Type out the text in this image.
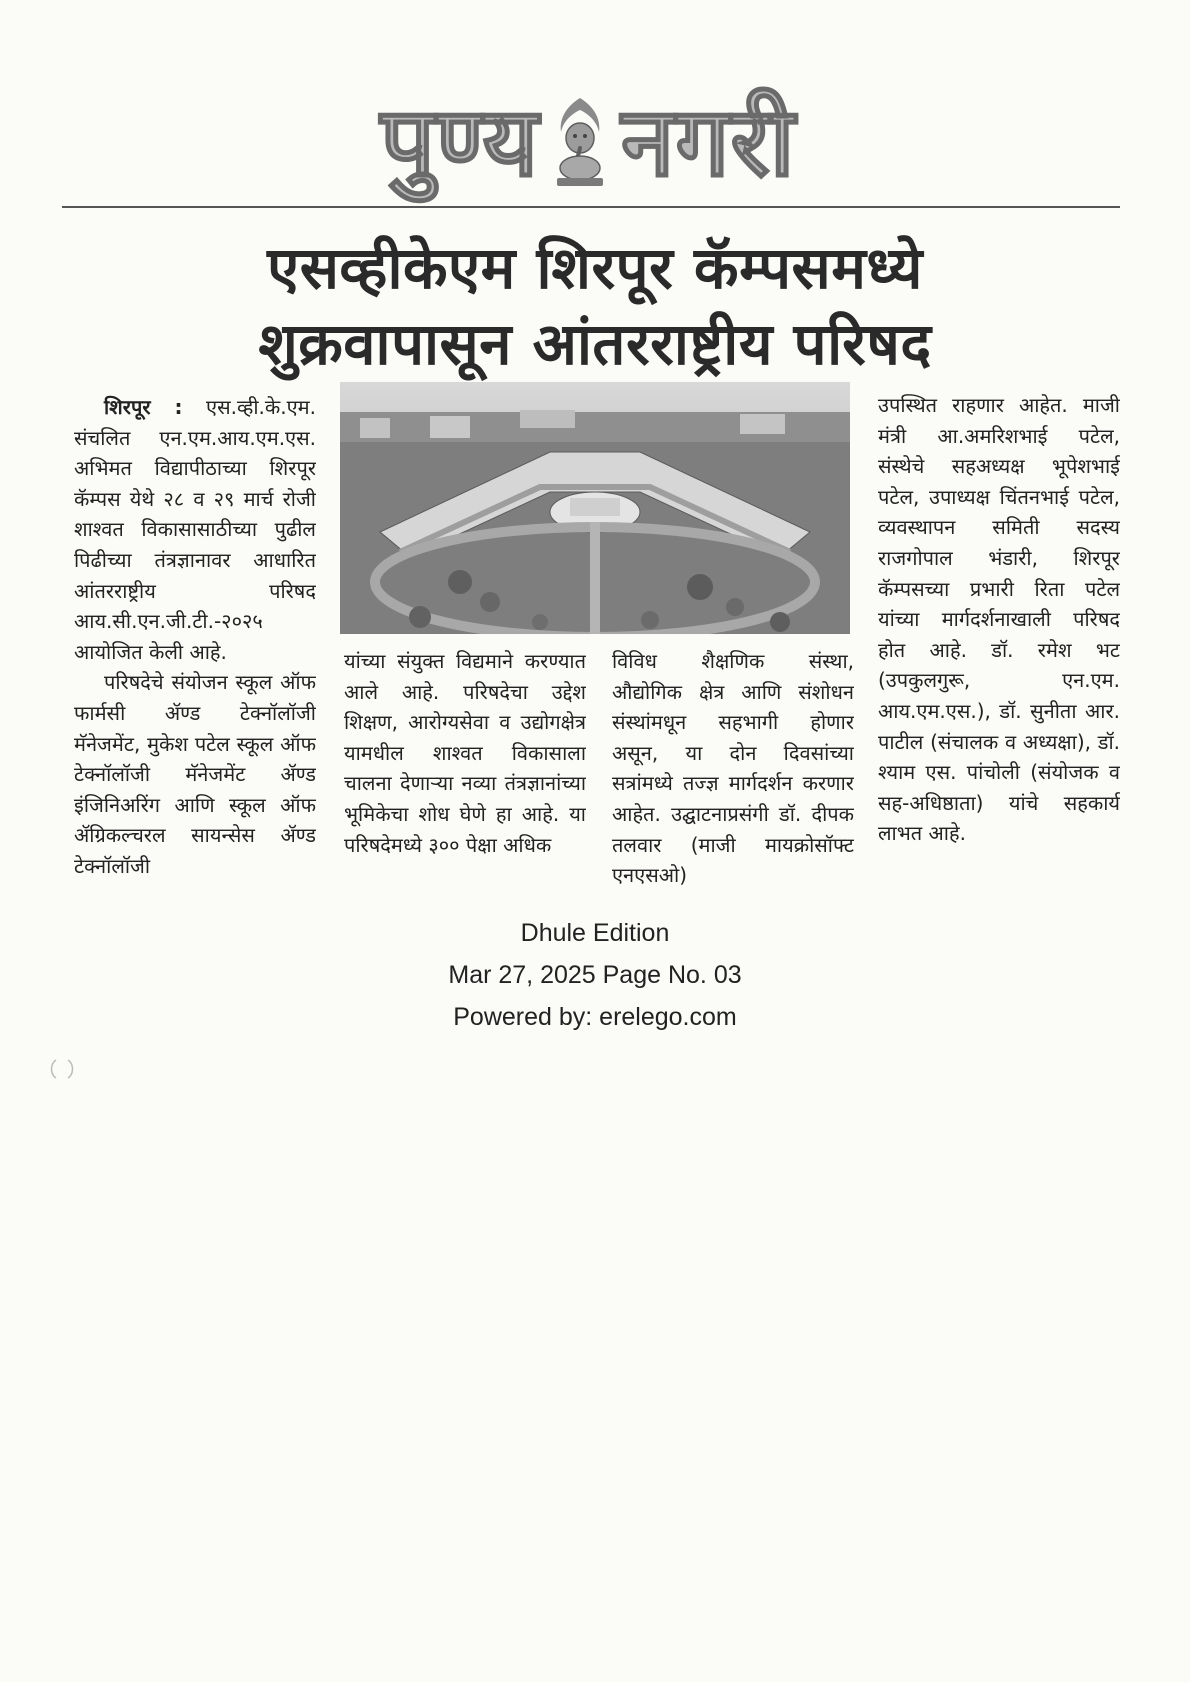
पुण्य नगरी
एसव्हीकेएम शिरपूर कॅम्पसमध्ये
शुक्रवापासून आंतरराष्ट्रीय परिषद

शिरपूर : एस.व्ही.के.एम. संचलित एन.एम.आय.एम.एस. अभिमत विद्यापीठाच्या शिरपूर कॅम्पस येथे २८ व २९ मार्च रोजी शाश्वत विकासासाठीच्या पुढील पिढीच्या तंत्रज्ञानावर आधारित आंतरराष्ट्रीय परिषद आय.सी.एन.जी.टी.-२०२५ आयोजित केली आहे.

परिषदेचे संयोजन स्कूल ऑफ फार्मसी ॲण्ड टेक्नॉलॉजी मॅनेजमेंट, मुकेश पटेल स्कूल ऑफ टेक्नॉलॉजी मॅनेजमेंट ॲण्ड इंजिनिअरिंग आणि स्कूल ऑफ ॲग्रिकल्चरल सायन्सेस ॲण्ड टेक्नॉलॉजी

यांच्या संयुक्त विद्यमाने करण्यात आले आहे. परिषदेचा उद्देश शिक्षण, आरोग्यसेवा व उद्योगक्षेत्र यामधील शाश्वत विकासाला चालना देणाऱ्या नव्या तंत्रज्ञानांच्या भूमिकेचा शोध घेणे हा आहे. या परिषदेमध्ये ३०० पेक्षा अधिक

विविध शैक्षणिक संस्था, औद्योगिक क्षेत्र आणि संशोधन संस्थांमधून सहभागी होणार असून, या दोन दिवसांच्या सत्रांमध्ये तज्ज्ञ मार्गदर्शन करणार आहेत. उद्घाटनाप्रसंगी डॉ. दीपक तलवार (माजी मायक्रोसॉफ्ट एनएसओ)

उपस्थित राहणार आहेत. माजी मंत्री आ.अमरिशभाई पटेल, संस्थेचे सहअध्यक्ष भूपेशभाई पटेल, उपाध्यक्ष चिंतनभाई पटेल, व्यवस्थापन समिती सदस्य राजगोपाल भंडारी, शिरपूर कॅम्पसच्या प्रभारी रिता पटेल यांच्या मार्गदर्शनाखाली परिषद होत आहे. डॉ. रमेश भट (उपकुलगुरू, एन.एम. आय.एम.एस.), डॉ. सुनीता आर. पाटील (संचालक व अध्यक्षा), डॉ. श्याम एस. पांचोली (संयोजक व सह-अधिष्ठाता) यांचे सहकार्य लाभत आहे.

Dhule Edition
Mar 27, 2025 Page No. 03
Powered by: erelego.com
